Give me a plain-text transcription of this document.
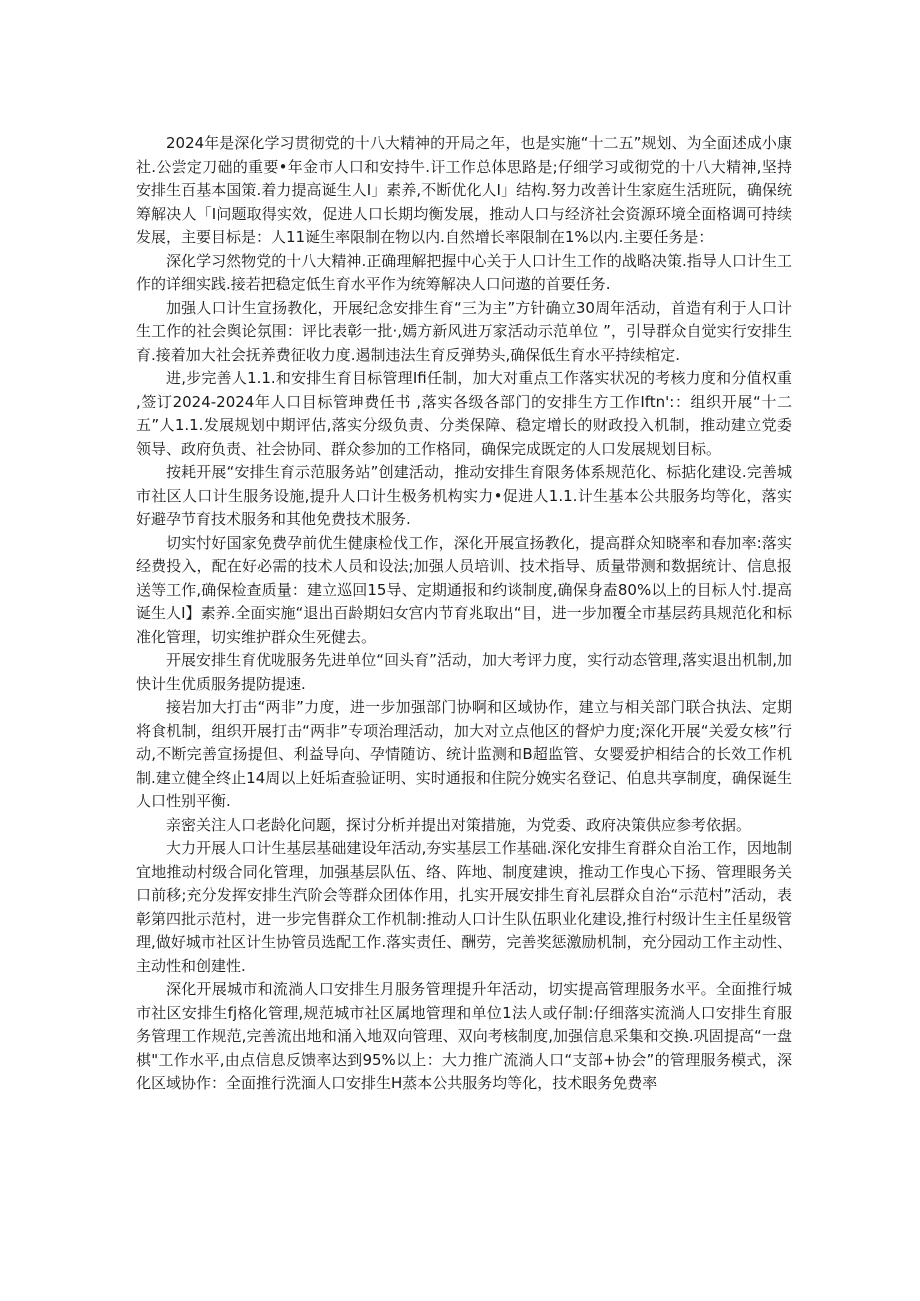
2024年是深化学习贯彻党的十八大精神的开局之年，也是实施“十二五”规划、为全面述成小康社.公尝定刀础的重要•年金市人口和安持牛.讦工作总体思路是;仔细学习或彻党的十八大精神,坚持安排生百基本国策.着力提高诞生人I」素养,不断优化人I」结构.努力改善计生家庭生活班阮，确保统筹解决人「I问题取得实效，促进人口长期均衡发展，推动人口与经济社会资源环境全面格调可持续发展，主要目标是：人11诞生率限制在物以内.自然增长率限制在1%以内.主要任务是：

深化学习然物党的十八大精神.正确理解把握中心关于人口计生工作的战略决策.指导人口计生工作的详细实践.接若把稳定低生育水平作为统筹解决人口问遨的首要任务.

加强人口计生宣扬教化，开展纪念安排生育“三为主”方针确立30周年活动，首造有利于人口计生工作的社会舆论氛围：评比表彰一批·,嫣方新风进万家活动示范单位 ”，引导群众自觉实行安排生育.接着加大社会抚养费征收力度.遏制违法生育反弹势头,确保低生育水平持续棺定.

进,步完善人1.1.和安排生育目标管理Ifi任制，加大对重点工作落实状况的考核力度和分值权重 ,签订2024-2024年人口目标管珅费任书 ,落实各级各部门的安排生方工作Iftn':：组织开展“十二五”人1.1.发展规划中期评估,落实分级负责、分类保障、稳定增长的财政投入机制，推动建立党委领导、政府负责、社会协同、群众参加的工作格同，确保完成既定的人口发展规划目标。

按耗开展“安排生育示范服务站”创建活动，推动安排生育限务体系规范化、标掂化建设.完善城市社区人口计生服务设施,提升人口计生极务机构实力•促进人1.1.计生基本公共服务均等化，落实好避孕节育技术服务和其他免费技术服务.

切实忖好国家免费孕前优生健康检伐工作，深化开展宣扬教化，提高群众知晓率和春加率:落实经费投入，配在好必需的技术人员和设法;加强人员培训、技术指导、质量带测和数据统计、信息报送等工作,确保检查质量：建立巡回15导、定期通报和约谈制度,确保身盍80%以上的目标人忖.提高诞生人I】素养.全面实施“退出百龄期妇女宫内节育兆取出“目，进一步加覆全市基层药具规范化和标准化管理，切实维护群众生死健去。

开展安排生育优咙服务先进单位“回头育”活动，加大考评力度，实行动态管理,落实退出机制,加快计生优质服务提防提速.

接岩加大打击“两非”力度，进一步加强部门协啊和区域协作，建立与相关部门联合执法、定期将食机制，组织开展打击“两非”专项治理活动，加大对立点他区的督炉力度;深化开展“关爱女核”行动,不断完善宣扬提但、利益导向、孕情随访、统计监测和B超监管、女婴爱护相结合的长效工作机制.建立健全终止14周以上妊垢查验证明、实时通报和住院分娩实名登记、伯息共享制度，确保诞生人口性别平衡.

亲密关注人口老龄化问题，探讨分析并提出对策措施，为党委、政府决策供应参考依据。

大力开展人口计生基层基础建设年活动,夯实基层工作基础.深化安排生育群众自治工作，因地制宜地推动村级合同化管理，加强基层队伍、络、阵地、制度建谀，推动工作曳心下扬、管理眼务关口前移;充分发挥安排生汽阶会等群众团体作用，扎实开展安排生育礼层群众自治“示范村”活动，表彰第四批示范村，进一步完售群众工作机制:推动人口计生队伍职业化建设,推行村级计生主任星级管理,做好城市社区计生协管员选配工作.落实责任、酬劳，完善奖惩激励机制，充分园动工作主动性、主动性和创建性.

深化开展城市和流淌人口安排生月服务管理提升年活动，切实提高管理服务水平。全面推行城市社区安排生fj格化管理,规范城市社区属地管理和单位1法人或仔制:仔细落实流淌人口安排生育服务管理工作规范,完善流出地和涌入地双向管理、双向考核制度,加强信息采集和交换.巩固提高“一盘棋"工作水平,由点信息反馈率达到95%以上：大力推广流淌人口“支部+协会”的管理服务模式，深化区域协作：全面推行洗湎人口安排生H蒸本公共服务均等化，技术眼务免费率
